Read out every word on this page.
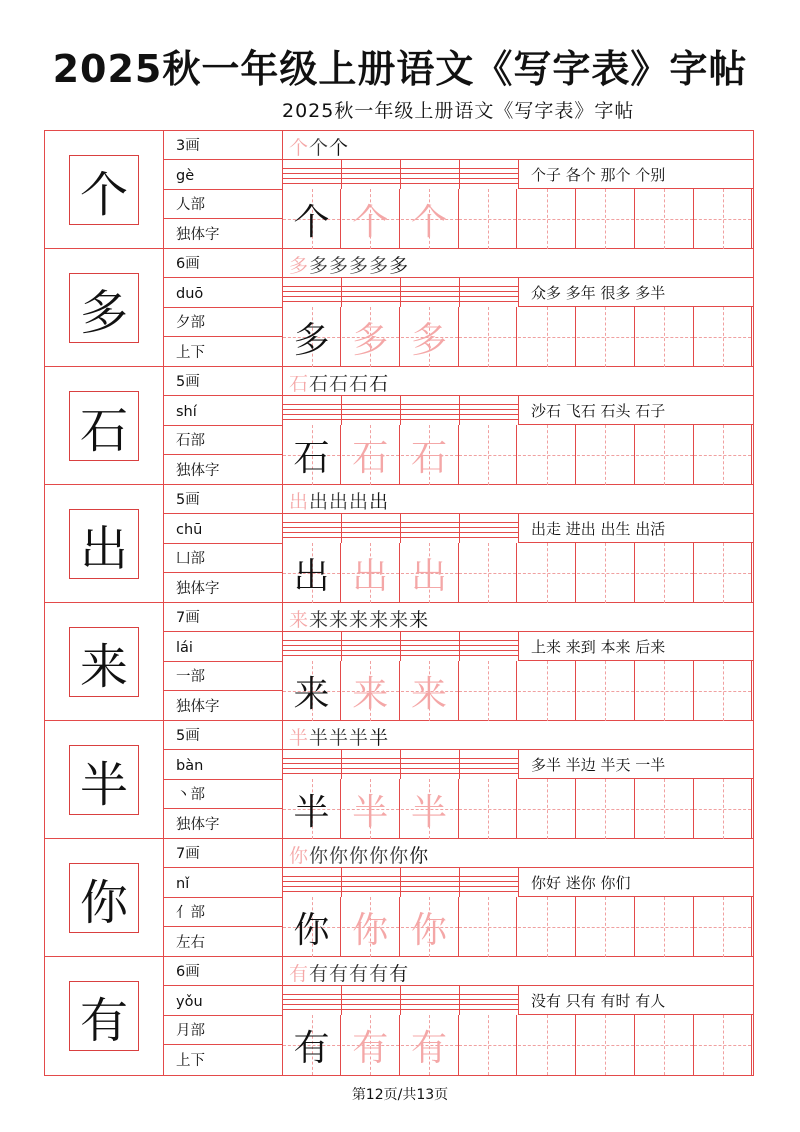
2025秋一年级上册语文《写字表》字帖
2025秋一年级上册语文《写字表》字帖
个
3画
gè
人部
独体字
个个个
个子 各个 那个 个别
个 个 个
多
6画
duō
夕部
上下
多多多多多多
众多 多年 很多 多半
多 多 多
石
5画
shí
石部
独体字
石石石石石
沙石 飞石 石头 石子
石 石 石
出
5画
chū
凵部
独体字
出出出出出
出走 进出 出生 出活
出 出 出
来
7画
lái
一部
独体字
来来来来来来来
上来 来到 本来 后来
来 来 来
半
5画
bàn
丶部
独体字
半半半半半
多半 半边 半天 一半
半 半 半
你
7画
nǐ
亻部
左右
你你你你你你你
你好 迷你 你们
你 你 你
有
6画
yǒu
月部
上下
有有有有有有
没有 只有 有时 有人
有 有 有
第12页/共13页
